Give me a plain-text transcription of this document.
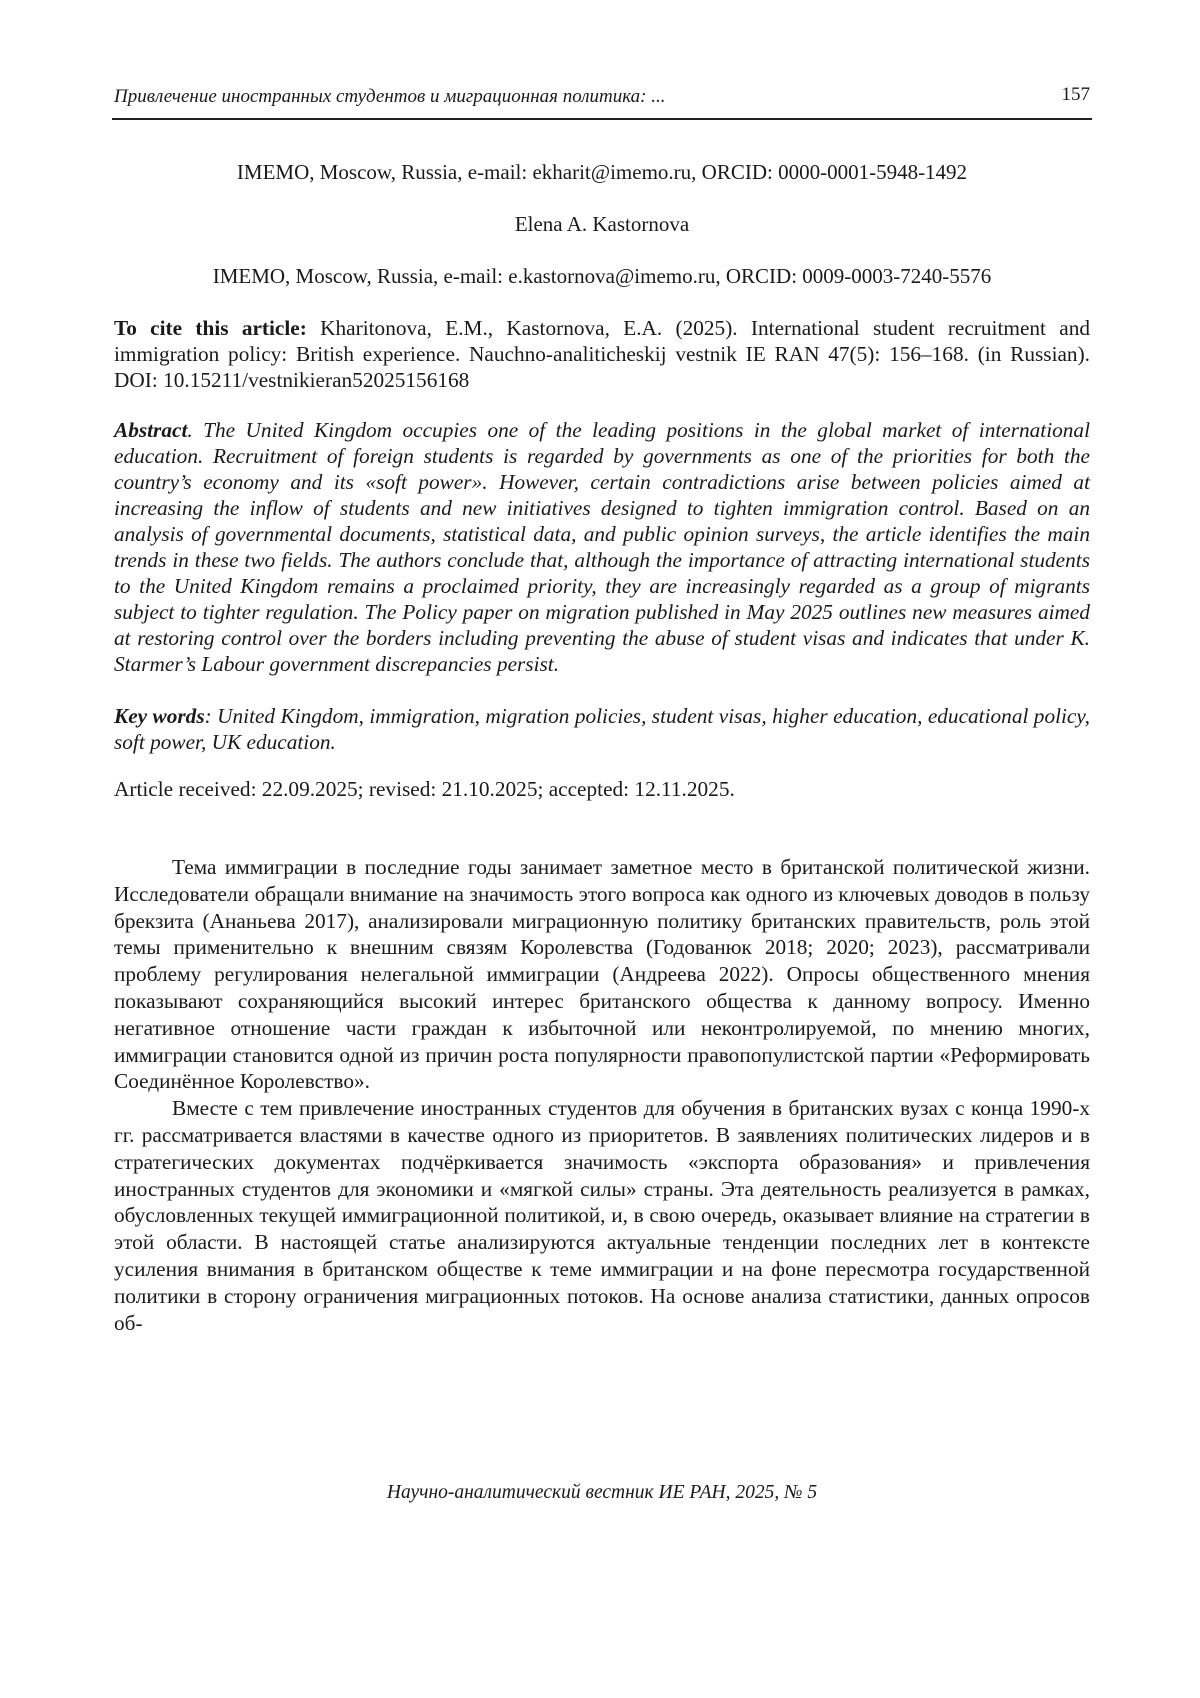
Привлечение иностранных студентов и миграционная политика: ...	157
IMEMO, Moscow, Russia, e-mail: ekharit@imemo.ru, ORCID: 0000-0001-5948-1492
Elena A. Kastornova
IMEMO, Moscow, Russia, e-mail: e.kastornova@imemo.ru, ORCID: 0009-0003-7240-5576
To cite this article: Kharitonova, E.M., Kastornova, E.A. (2025). International student recruitment and immigration policy: British experience. Nauchno-analiticheskij vestnik IE RAN 47(5): 156–168. (in Russian). DOI: 10.15211/vestnikieran52025156168
Abstract. The United Kingdom occupies one of the leading positions in the global market of international education. Recruitment of foreign students is regarded by governments as one of the priorities for both the country’s economy and its «soft power». However, certain contradictions arise between policies aimed at increasing the inflow of students and new initiatives designed to tighten immigration control. Based on an analysis of governmental documents, statistical data, and public opinion surveys, the article identifies the main trends in these two fields. The authors conclude that, although the importance of attracting international students to the United Kingdom remains a proclaimed priority, they are increasingly regarded as a group of migrants subject to tighter regulation. The Policy paper on migration published in May 2025 outlines new measures aimed at restoring control over the borders including preventing the abuse of student visas and indicates that under K. Starmer’s Labour government discrepancies persist.
Key words: United Kingdom, immigration, migration policies, student visas, higher education, educational policy, soft power, UK education.
Article received: 22.09.2025; revised: 21.10.2025; accepted: 12.11.2025.

Тема иммиграции в последние годы занимает заметное место в британской политической жизни. Исследователи обращали внимание на значимость этого вопроса как одного из ключевых доводов в пользу брекзита (Ананьева 2017), анализировали миграционную политику британских правительств, роль этой темы применительно к внешним связям Королевства (Годованюк 2018; 2020; 2023), рассматривали проблему регулирования нелегальной иммиграции (Андреева 2022). Опросы общественного мнения показывают сохраняющийся высокий интерес британского общества к данному вопросу. Именно негативное отношение части граждан к избыточной или неконтролируемой, по мнению многих, иммиграции становится одной из причин роста популярности правопопулистской партии «Реформировать Соединённое Королевство».

Вместе с тем привлечение иностранных студентов для обучения в британских вузах с конца 1990-х гг. рассматривается властями в качестве одного из приоритетов. В заявлениях политических лидеров и в стратегических документах подчёркивается значимость «экспорта образования» и привлечения иностранных студентов для экономики и «мягкой силы» страны. Эта деятельность реализуется в рамках, обусловленных текущей иммиграционной политикой, и, в свою очередь, оказывает влияние на стратегии в этой области. В настоящей статье анализируются актуальные тенденции последних лет в контексте усиления внимания в британском обществе к теме иммиграции и на фоне пересмотра государственной политики в сторону ограничения миграционных потоков. На основе анализа статистики, данных опросов об-

Научно-аналитический вестник ИЕ РАН, 2025, № 5
